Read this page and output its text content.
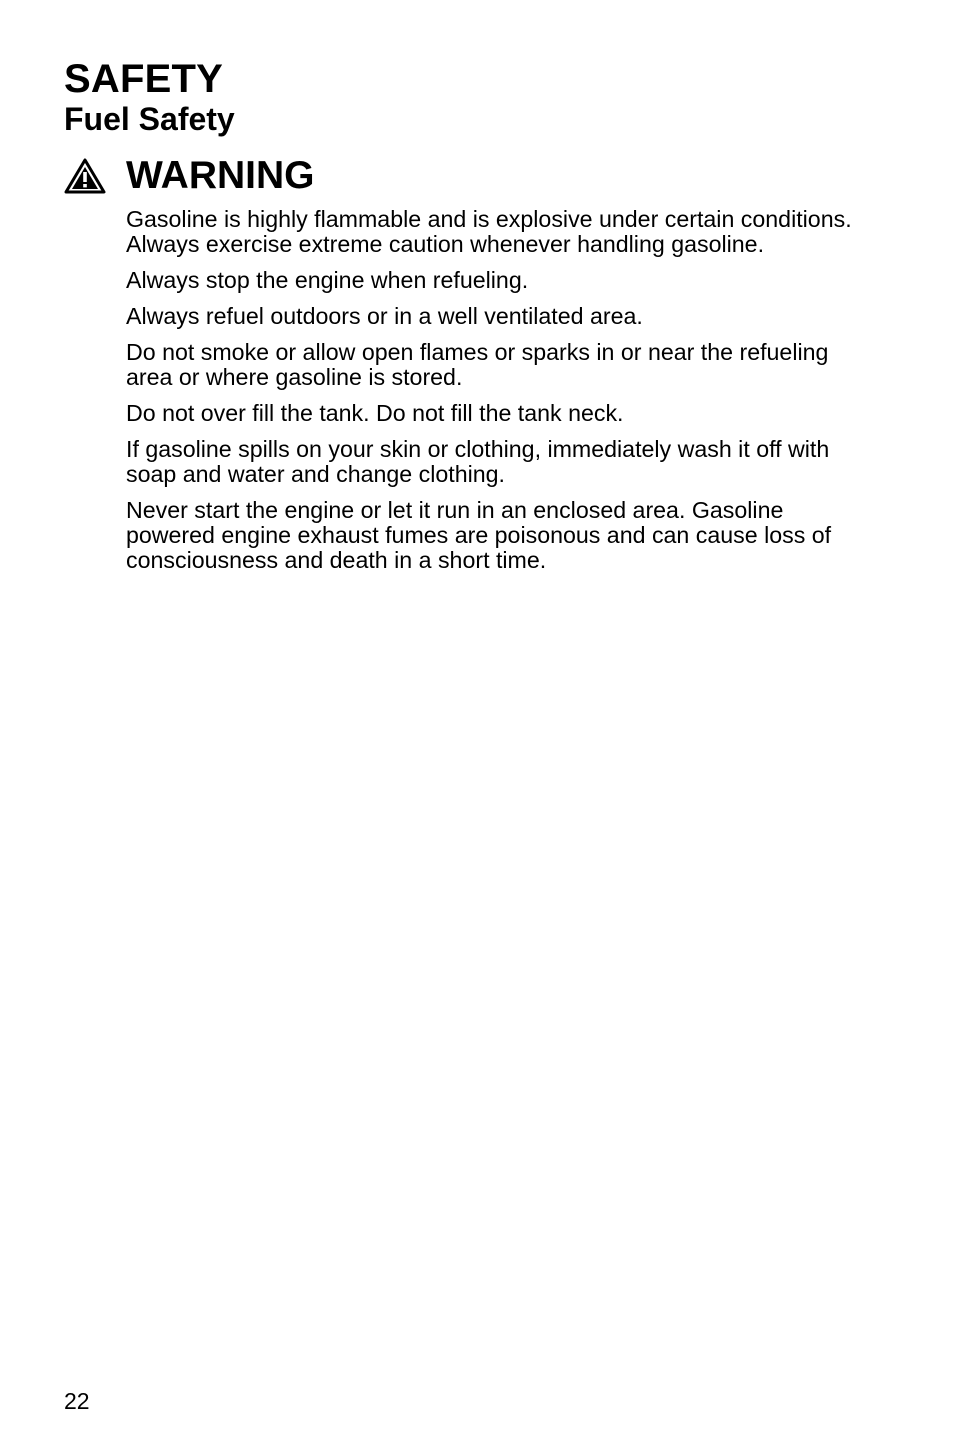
SAFETY
Fuel Safety
WARNING

Gasoline is highly flammable and is explosive under certain conditions. Always exercise extreme caution whenever handling gasoline.

Always stop the engine when refueling.

Always refuel outdoors or in a well ventilated area.

Do not smoke or allow open flames or sparks in or near the refueling area or where gasoline is stored.

Do not over fill the tank. Do not fill the tank neck.

If gasoline spills on your skin or clothing, immediately wash it off with soap and water and change clothing.

Never start the engine or let it run in an enclosed area. Gasoline powered engine exhaust fumes are poisonous and can cause loss of consciousness and death in a short time.

22
